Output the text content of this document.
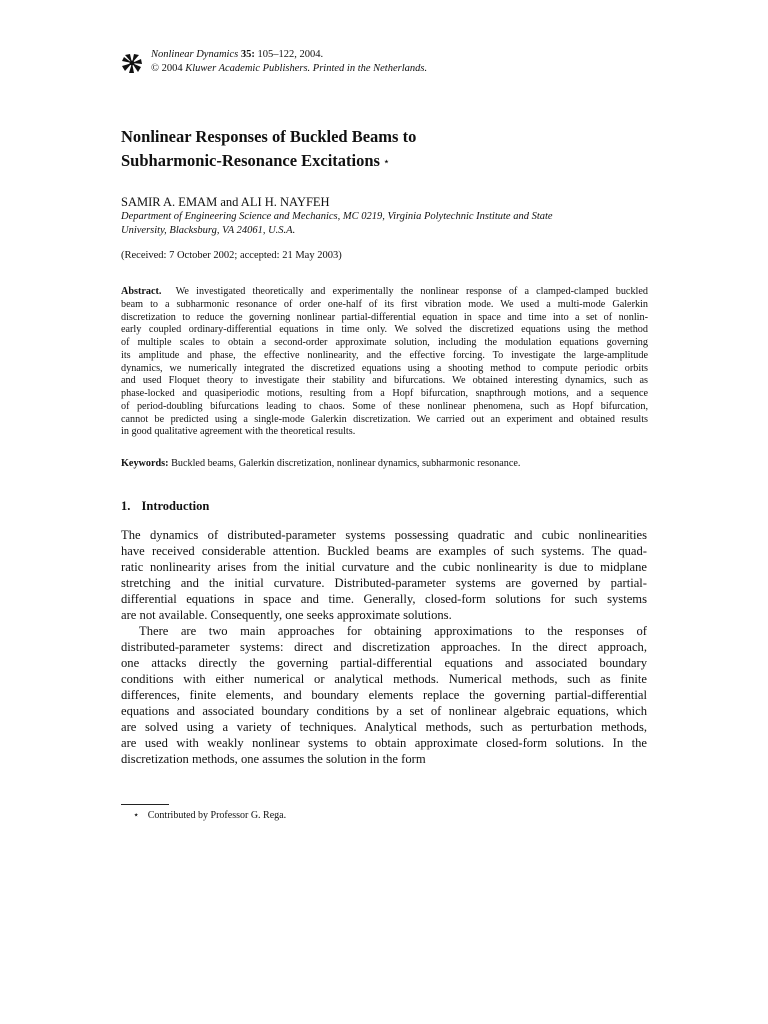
Nonlinear Dynamics 35: 105–122, 2004.
© 2004 Kluwer Academic Publishers. Printed in the Netherlands.
Nonlinear Responses of Buckled Beams to
Subharmonic-Resonance Excitations ⋆
SAMIR A. EMAM and ALI H. NAYFEH
Department of Engineering Science and Mechanics, MC 0219, Virginia Polytechnic Institute and State
University, Blacksburg, VA 24061, U.S.A.
(Received: 7 October 2002; accepted: 21 May 2003)
Abstract. We investigated theoretically and experimentally the nonlinear response of a clamped-clamped buckled
beam to a subharmonic resonance of order one-half of its first vibration mode. We used a multi-mode Galerkin
discretization to reduce the governing nonlinear partial-differential equation in space and time into a set of nonlin-
early coupled ordinary-differential equations in time only. We solved the discretized equations using the method
of multiple scales to obtain a second-order approximate solution, including the modulation equations governing
its amplitude and phase, the effective nonlinearity, and the effective forcing. To investigate the large-amplitude
dynamics, we numerically integrated the discretized equations using a shooting method to compute periodic orbits
and used Floquet theory to investigate their stability and bifurcations. We obtained interesting dynamics, such as
phase-locked and quasiperiodic motions, resulting from a Hopf bifurcation, snapthrough motions, and a sequence
of period-doubling bifurcations leading to chaos. Some of these nonlinear phenomena, such as Hopf bifurcation,
cannot be predicted using a single-mode Galerkin discretization. We carried out an experiment and obtained results
in good qualitative agreement with the theoretical results.
Keywords: Buckled beams, Galerkin discretization, nonlinear dynamics, subharmonic resonance.
1. Introduction
The dynamics of distributed-parameter systems possessing quadratic and cubic nonlinearities
have received considerable attention. Buckled beams are examples of such systems. The quad-
ratic nonlinearity arises from the initial curvature and the cubic nonlinearity is due to midplane
stretching and the initial curvature. Distributed-parameter systems are governed by partial-
differential equations in space and time. Generally, closed-form solutions for such systems
are not available. Consequently, one seeks approximate solutions.
There are two main approaches for obtaining approximations to the responses of
distributed-parameter systems: direct and discretization approaches. In the direct approach,
one attacks directly the governing partial-differential equations and associated boundary
conditions with either numerical or analytical methods. Numerical methods, such as finite
differences, finite elements, and boundary elements replace the governing partial-differential
equations and associated boundary conditions by a set of nonlinear algebraic equations, which
are solved using a variety of techniques. Analytical methods, such as perturbation methods,
are used with weakly nonlinear systems to obtain approximate closed-form solutions. In the
discretization methods, one assumes the solution in the form
⋆ Contributed by Professor G. Rega.
